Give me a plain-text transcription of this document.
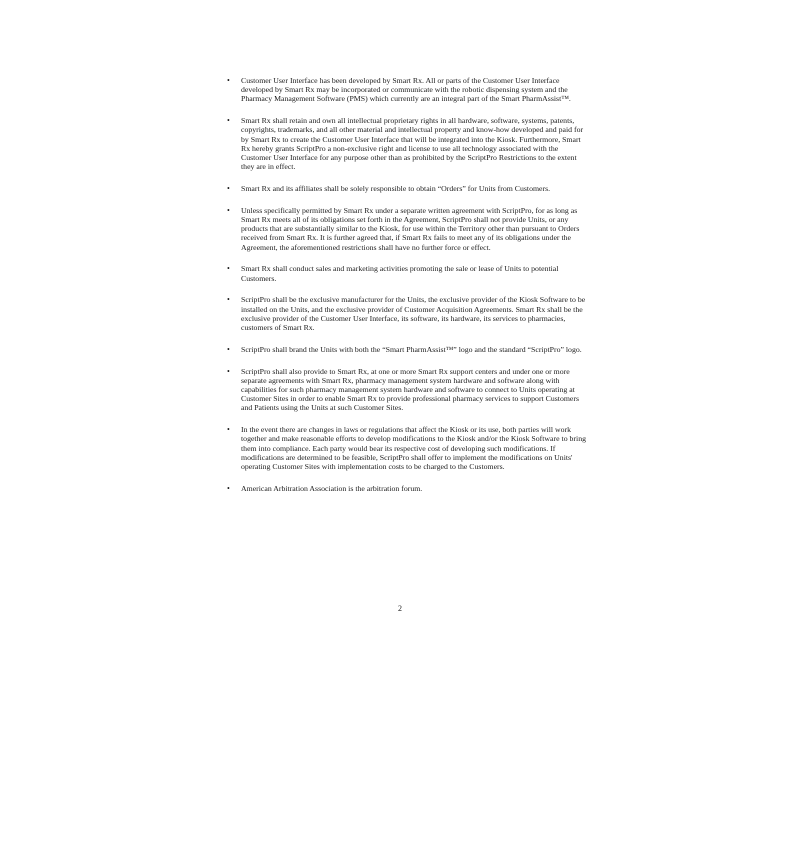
• Customer User Interface has been developed by Smart Rx. All or parts of the Customer User Interface developed by Smart Rx may be incorporated or communicate with the robotic dispensing system and the Pharmacy Management Software (PMS) which currently are an integral part of the Smart PharmAssist™.
• Smart Rx shall retain and own all intellectual proprietary rights in all hardware, software, systems, patents, copyrights, trademarks, and all other material and intellectual property and know-how developed and paid for by Smart Rx to create the Customer User Interface that will be integrated into the Kiosk. Furthermore, Smart Rx hereby grants ScriptPro a non-exclusive right and license to use all technology associated with the Customer User Interface for any purpose other than as prohibited by the ScriptPro Restrictions to the extent they are in effect.
• Smart Rx and its affiliates shall be solely responsible to obtain “Orders” for Units from Customers.
• Unless specifically permitted by Smart Rx under a separate written agreement with ScriptPro, for as long as Smart Rx meets all of its obligations set forth in the Agreement, ScriptPro shall not provide Units, or any products that are substantially similar to the Kiosk, for use within the Territory other than pursuant to Orders received from Smart Rx. It is further agreed that, if Smart Rx fails to meet any of its obligations under the Agreement, the aforementioned restrictions shall have no further force or effect.
• Smart Rx shall conduct sales and marketing activities promoting the sale or lease of Units to potential Customers.
• ScriptPro shall be the exclusive manufacturer for the Units, the exclusive provider of the Kiosk Software to be installed on the Units, and the exclusive provider of Customer Acquisition Agreements. Smart Rx shall be the exclusive provider of the Customer User Interface, its software, its hardware, its services to pharmacies, customers of Smart Rx.
• ScriptPro shall brand the Units with both the “Smart PharmAssist™” logo and the standard “ScriptPro” logo.
• ScriptPro shall also provide to Smart Rx, at one or more Smart Rx support centers and under one or more separate agreements with Smart Rx, pharmacy management system hardware and software along with capabilities for such pharmacy management system hardware and software to connect to Units operating at Customer Sites in order to enable Smart Rx to provide professional pharmacy services to support Customers and Patients using the Units at such Customer Sites.
• In the event there are changes in laws or regulations that affect the Kiosk or its use, both parties will work together and make reasonable efforts to develop modifications to the Kiosk and/or the Kiosk Software to bring them into compliance. Each party would bear its respective cost of developing such modifications. If modifications are determined to be feasible, ScriptPro shall offer to implement the modifications on Units' operating Customer Sites with implementation costs to be charged to the Customers.
• American Arbitration Association is the arbitration forum.
2
